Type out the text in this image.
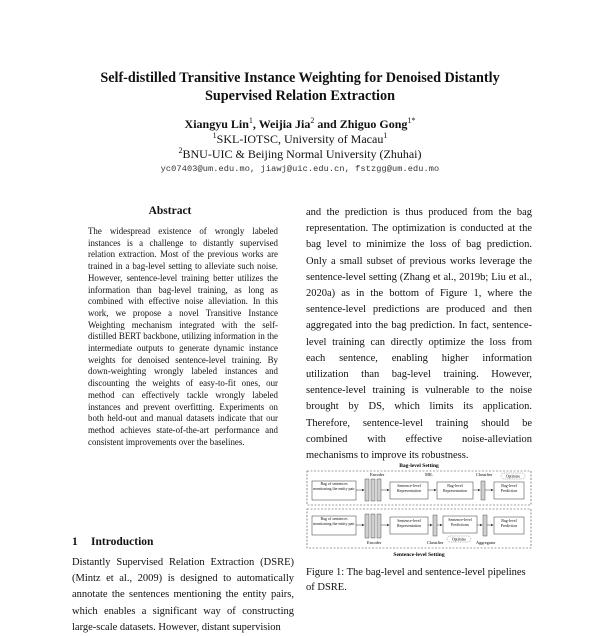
Self-distilled Transitive Instance Weighting for Denoised Distantly
Supervised Relation Extraction
Xiangyu Lin$^1$, Weijia Jia$^2$ and Zhiguo Gong$^{1*}$
$^1$SKL-IOTSC, University of Macau$^1$
$^2$BNU-UIC & Beijing Normal University (Zhuhai)
yc07403@um.edu.mo, jiawj@uic.edu.cn, fstzgg@um.edu.mo
Abstract

The widespread existence of wrongly labeled instances is a challenge to distantly supervised relation extraction. Most of the previous works are trained in a bag-level setting to alleviate such noise. However, sentence-level training better utilizes the information than bag-level training, as long as combined with effective noise alleviation. In this work, we propose a novel Transitive Instance Weighting mechanism integrated with the self-distilled BERT backbone, utilizing information in the intermediate outputs to generate dynamic instance weights for denoised sentence-level training. By down-weighting wrongly labeled instances and discounting the weights of easy-to-fit ones, our method can effectively tackle wrongly labeled instances and prevent overfitting. Experiments on both held-out and manual datasets indicate that our method achieves state-of-the-art performance and consistent improvements over the baselines.

1 Introduction

Distantly Supervised Relation Extraction (DSRE) (Mintz et al., 2009) is designed to automatically annotate the sentences mentioning the entity pairs, which enables a significant way of constructing large-scale datasets. However, distant supervision

and the prediction is thus produced from the bag representation. The optimization is conducted at the bag level to minimize the loss of bag prediction. Only a small subset of previous works leverage the sentence-level setting (Zhang et al., 2019b; Liu et al., 2020a) as in the bottom of Figure 1, where the sentence-level predictions are produced and then aggregated into the bag prediction. In fact, sentence-level training can directly optimize the loss from each sentence, enabling higher information utilization than bag-level training. However, sentence-level training is vulnerable to the noise brought by DS, which limits its application. Therefore, sentence-level training should be combined with effective noise-alleviation mechanisms to improve its robustness.

Bag-level Setting
Sentence-level Setting
Bag of sentences mentioning the entity pair
Encoder
Sentence-level Representation
MIL
Bag-level Representation
Classifier
Bag-level Prediction
Optimize
Bag of sentences mentioning the entity pair
Encoder
Sentence-level Representation
Classifier
Sentence-level Predictions
Optimize
Aggregator
Bag-level Prediction
Figure 1: The bag-level and sentence-level pipelines of DSRE.
